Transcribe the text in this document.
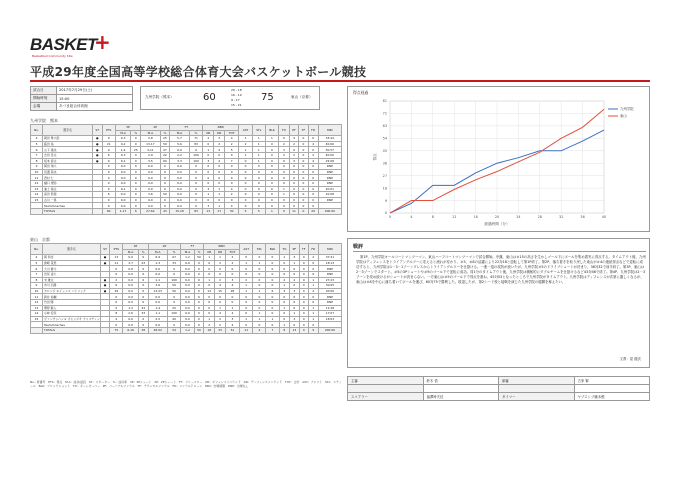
BASKET
+
Basketball Community Site
平成29年度全国高等学校総合体育大会バスケットボール競技
試合日	2017年7月29日(土)
開始時刻	15:00
会場	あづま総合体育館
九州学院（熊本）	60
20 - 18
16 - 19
9 - 17
15 - 21
75	東山（京都）
九州学院　熊本
No.	選手名	ST	PTS	3P		2P		FT		RBD			AST	STL	BLK	TO	PF	TF	FD	MIN
				M-A	%	M-A	%	M-A	%	OR	DR	TOT								
4	岡田 隼大郎	●	9	0-3	0	2-8	25	5-7	71	2	3	4	1	1	1	0	4	0	6	33:44
5	藤田 祐	●	21	0-2	0	13-17	59	5-6	83	0	2	2	2	1	0	2	2	0	4	40:00
6	山下 義也	●	9	1-4	25	3-11	27	0-0	0	1	4	5	1	1	0	3	0	0	0	30:57
7	吉田 佳太	●	6	0-3	0	2-9	22	2-2	100	0	0	0	1	1	0	2	2	0	2	40:00
8	坂本 諒太	●	9	0-2	0	3-5	60	3-3	100	3	4	7	0	1	0	0	3	0	4	25:08
9	岡田 侑大		0	0-0	0	0-0	0	0-0	0	0	0	0	0	0	0	0	0	0	0	DNP
10	田邉 菊也		0	0-0	0	0-0	0	0-0	0	0	0	0	0	0	0	0	0	0	0	DNP
11	西村 仁		0	0-0	0	0-0	0	0-0	0	0	0	0	0	0	0	0	0	0	0	DNP
12	樋口 遼弥		0	0-0	0	0-0	0	0-0	0	0	0	0	0	0	0	0	0	0	0	DNP
13	浦上 裕太		0	0-1	0	0-0	0	0-0	0	3	1	4	0	0	0	1	0	0	0	20:01
14	高田 悠徳		6	0-0	0	3-6	50	0-0	0	1	1	2	0	0	0	1	0	0	0	10:08
15	古川 一晃		0	0-0	0	0-0	0	0-0	0	0	0	0	0	0	0	0	0	0	0	DNP
	Team/Coaches		0	0-0	0	0-0	0	0-0	0	3	1	4	0	0	0	0	0	0	0	
	TOTALS		60	1-17	6	27-62	43	15-18	83	13	17	30	5	5	1	9	11	0	20	200:00
東山　京都
No.	選手名	ST	PTS	3P		2P		FT		RBD			AST	STL	BLK	TO	PF	TF	FD	MIN
				M-A	%	M-A	%	M-A	%	OR	DR	TOT								
4	岡 和冴	●	13	0-0	0	6-9	67	1-2	50	1	1	2	5	0	0	1	3	0	2	37:41
5	洲崎 景悠	●	11	3-7	43	1-3	33	0-0	0	0	2	2	1	1	0	0	1	0	0	18:13
6	大川 健斗		0	0-0	0	0-0	0	0-0	0	0	0	0	0	0	0	0	0	0	0	DNP
7	田尻 凌大		0	0-0	0	0-0	0	0-0	0	0	0	0	0	0	0	0	0	0	0	DNP
8	米 雄太	●	2	0-0	0	1-1	100	0-0	0	1	2	3	2	0	0	2	2	0	1	27:23
9	市川 弘陽	●	6	0-0	0	3-6	50	0-0	0	0	4	4	1	0	0	1	0	0	1	30:05
10	カロンジ ホイェンス パトリック	●	26	0-0	0	13-23	56	0-0	0	13	15	28	1	1	6	3	3	0	2	40:00
11	新井 佑輔		0	0-0	0	0-0	0	0-0	0	0	0	0	0	0	0	0	0	0	0	DNP
12	竹田 陽		0	0-0	0	0-0	0	0-0	0	0	0	0	0	0	0	0	0	0	0	DNP
13	郷原 魁人		5	1-3	33	1-4	25	0-0	0	0	1	1	0	0	0	1	0	0	1	11:28
14	小林 宏亮		8	2-6	33	1-1	100	0-0	0	0	4	4	0	1	0	0	1	0	1	17:07
15	ヴァンサンバンゴ オセンジオ クリスティン		4	0-0	0	2-5	40	0-0	0	1	2	3	1	1	1	0	3	0	1	18:03
	Team/Coaches		0	0-0	0	0-0	0	0-0	0	2	2	4	0	0	0	1	0	0	0	
	TOTALS		75	6-16	38	28-52	54	1-2	50	18	33	51	11	4	7	8	13	0	9	200:00
No.: 背番号　PTS：得点　M-A：成功/試投　ST：スターター　%：成功率　3P：3Pシュート　2P：2Pシュート　FT：フリースロー　OR：オフェンスリバウンド　DR：ディフェンスリバウンド　TOT：合計　AST：アシスト　STL：スティール　BLK：ブロックショット　TO：ターンオーバー　PF：パーソナルファウル　TF：テクニカルファウル　FD：ファウルドローン　MIN：出場時間　DNP：出場なし
得点経過
0
9
18
27
36
45
54
63
72
81
0	4	8	12	16	20	24	28	32	36	40
経過時間（分）
得点
九州学院
東山
戦評
第1P、九州学院オールコートマンツーマン、東山ハーフコートマンツーマンで試合開始。序盤、東山は＃15の高さを生かしゴール下にボールを集め着実に得点する。タイムアウト後、九州学院はディフェンスをトライアングルツーに変えると流れが変わり、＃5、＃8の活躍により22対18と逆転して第1P終了。第2P、落ち着きを取り戻した東山が＃4の連続得点などで逆転に成功すると、九州学院は1－3－1ゾーンプレスからトライアングルツーを仕掛ける。一進一退の攻防が続いたが、九州学院＃5のドライブシュートが決まり、36対32で前半終了。第3P、東山は2－3ゾーンでスタート。＃5の3Pシュートや＃9のゴール下で逆転に成功。同1分のタイムアウト後、九州学院は積極的にダブルチームを仕掛けるなど43対46で終了。第4P、九州学院は2－3ゾーンを攻め続けるがシュートが決まらない。一方東山は＃9のゴール下で得点を重ね、45対53となったところで九州学院がタイムアウト。九州学院はディフェンスが次第に激しくなるが、東山は＃8を中心に落ち着いてボールを運び、60対75で勝利した。敗退したが、第2シード校と接戦を演じた九州学院の健闘を称えたい。
文責：星 健次
主審	鈴木 悟	副審	古家 賢

スコアラー	福澤時夫佳	タイマー	ヤブスシブ藤本俊
